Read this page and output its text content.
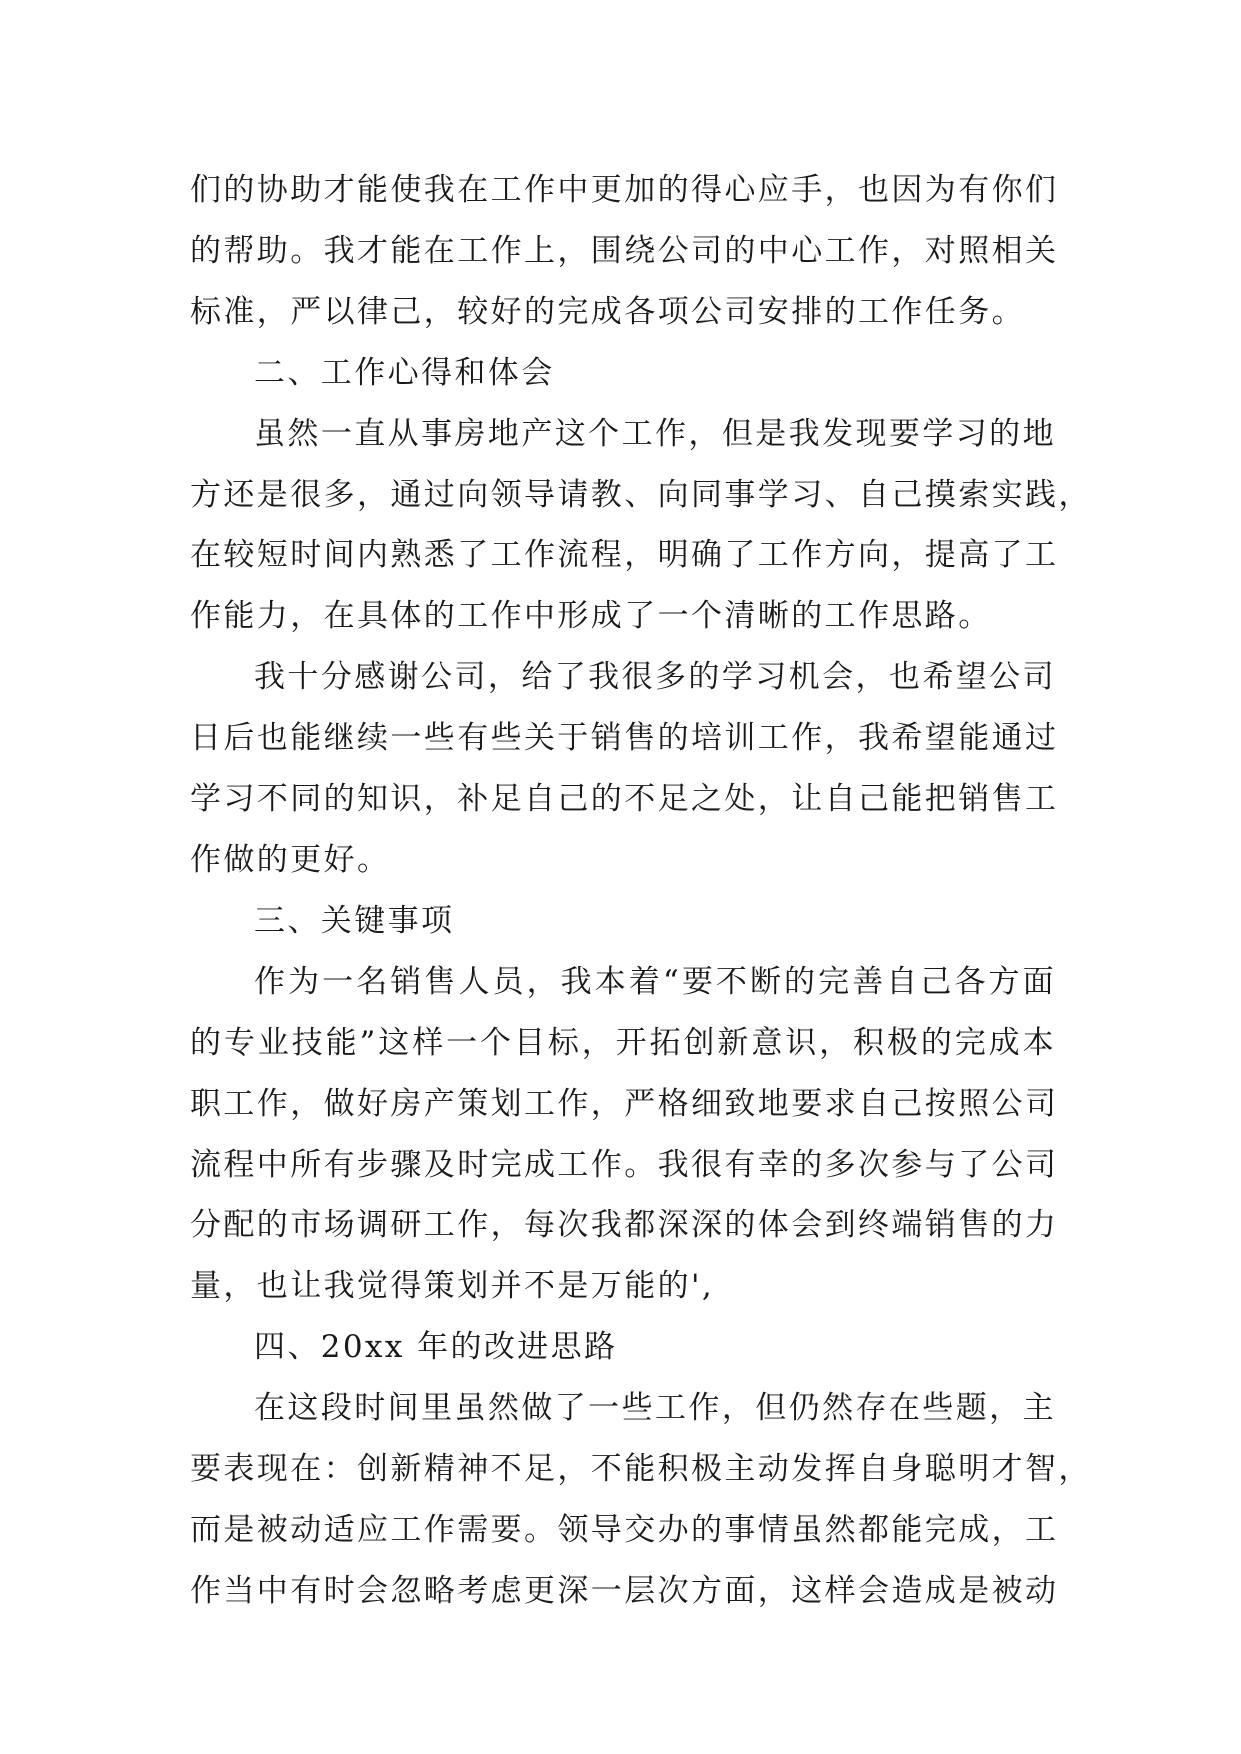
们的协助才能使我在工作中更加的得心应手，也因为有你们
的帮助。我才能在工作上，围绕公司的中心工作，对照相关
标准，严以律己，较好的完成各项公司安排的工作任务。
二、工作心得和体会
虽然一直从事房地产这个工作，但是我发现要学习的地
方还是很多，通过向领导请教、向同事学习、自己摸索实践，
在较短时间内熟悉了工作流程，明确了工作方向，提高了工
作能力，在具体的工作中形成了一个清晰的工作思路。
我十分感谢公司，给了我很多的学习机会，也希望公司
日后也能继续一些有些关于销售的培训工作，我希望能通过
学习不同的知识，补足自己的不足之处，让自己能把销售工
作做的更好。
三、关键事项
作为一名销售人员，我本着“要不断的完善自己各方面
的专业技能”这样一个目标，开拓创新意识，积极的完成本
职工作，做好房产策划工作，严格细致地要求自己按照公司
流程中所有步骤及时完成工作。我很有幸的多次参与了公司
分配的市场调研工作，每次我都深深的体会到终端销售的力
量，也让我觉得策划并不是万能的',
四、20xx 年的改进思路
在这段时间里虽然做了一些工作，但仍然存在些题，主
要表现在：创新精神不足，不能积极主动发挥自身聪明才智，
而是被动适应工作需要。领导交办的事情虽然都能完成，工
作当中有时会忽略考虑更深一层次方面，这样会造成是被动
